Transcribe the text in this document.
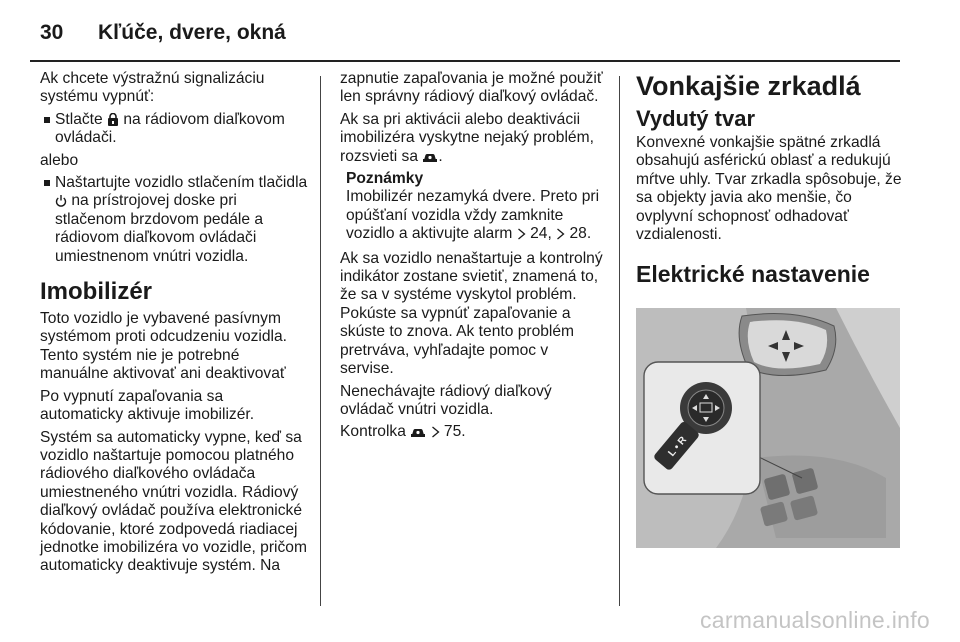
30	Kľúče, dvere, okná

Ak chcete výstražnú signalizáciu systému vypnúť:

Stlačte na rádiovom diaľkovom ovládači.

alebo

Naštartujte vozidlo stlačením tlačidla  na prístrojovej doske pri stlačenom brzdovom pedále a rádiovom diaľkovom ovládači umiestnenom vnútri vozidla.
Imobilizér

Toto vozidlo je vybavené pasívnym systémom proti odcudzeniu vozidla. Tento systém nie je potrebné manuálne aktivovať ani deaktivovať

Po vypnutí zapaľovania sa automaticky aktivuje imobilizér.

Systém sa automaticky vypne, keď sa vozidlo naštartuje pomocou platného rádiového diaľkového ovládača umiestneného vnútri vozidla. Rádiový diaľkový ovládač používa elektronické kódovanie, ktoré zodpovedá riadiacej jednotke imobilizéra vo vozidle, pričom automaticky deaktivuje systém. Na

zapnutie zapaľovania je možné použiť len správny rádiový diaľkový ovládač.

Ak sa pri aktivácii alebo deaktivácii imobilizéra vyskytne nejaký problém, rozsvieti sa .

Poznámky
Imobilizér nezamyká dvere. Preto pri opúšťaní vozidla vždy zamknite vozidlo a aktivujte alarm 24, 28.

Ak sa vozidlo nenaštartuje a kontrolný indikátor zostane svietiť, znamená to, že sa v systéme vyskytol problém. Pokúste sa vypnúť zapaľovanie a skúste to znova. Ak tento problém pretrváva, vyhľadajte pomoc v servise.

Nenechávajte rádiový diaľkový ovládač vnútri vozidla.

Kontrolka 75.

Vonkajšie zrkadlá
Vydutý tvar

Konvexné vonkajšie spätné zrkadlá obsahujú asférickú oblasť a redukujú mŕtve uhly. Tvar zrkadla spôsobuje, že sa objekty javia ako menšie, čo ovplyvní schopnosť odhadovať vzdialenosti.

Elektrické nastavenie
L • R
carmanualsonline.info
